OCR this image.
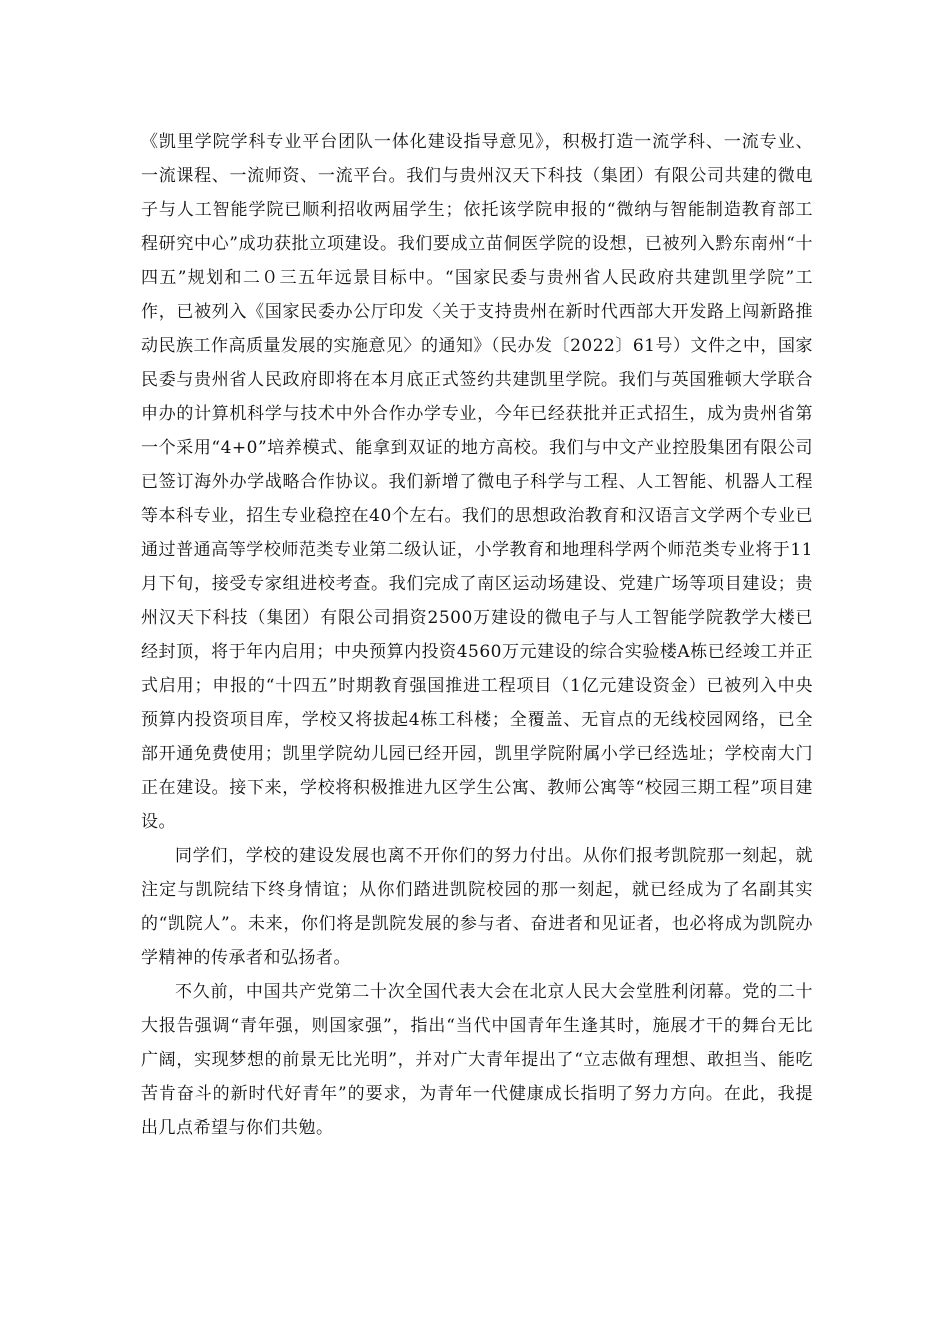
《凯里学院学科专业平台团队一体化建设指导意见》，积极打造一流学科、一流专业、一流课程、一流师资、一流平台。我们与贵州汉天下科技（集团）有限公司共建的微电子与人工智能学院已顺利招收两届学生；依托该学院申报的“微纳与智能制造教育部工程研究中心”成功获批立项建设。我们要成立苗侗医学院的设想，已被列入黔东南州“十四五”规划和二０三五年远景目标中。“国家民委与贵州省人民政府共建凯里学院”工作，已被列入《国家民委办公厅印发〈关于支持贵州在新时代西部大开发路上闯新路推动民族工作高质量发展的实施意见〉的通知》（民办发〔2022〕61号）文件之中，国家民委与贵州省人民政府即将在本月底正式签约共建凯里学院。我们与英国雅顿大学联合申办的计算机科学与技术中外合作办学专业，今年已经获批并正式招生，成为贵州省第一个采用“4+0”培养模式、能拿到双证的地方高校。我们与中文产业控股集团有限公司已签订海外办学战略合作协议。我们新增了微电子科学与工程、人工智能、机器人工程等本科专业，招生专业稳控在40个左右。我们的思想政治教育和汉语言文学两个专业已通过普通高等学校师范类专业第二级认证，小学教育和地理科学两个师范类专业将于11月下旬，接受专家组进校考查。我们完成了南区运动场建设、党建广场等项目建设；贵州汉天下科技（集团）有限公司捐资2500万建设的微电子与人工智能学院教学大楼已经封顶，将于年内启用；中央预算内投资4560万元建设的综合实验楼A栋已经竣工并正式启用；申报的“十四五”时期教育强国推进工程项目（1亿元建设资金）已被列入中央预算内投资项目库，学校又将拔起4栋工科楼；全覆盖、无盲点的无线校园网络，已全部开通免费使用；凯里学院幼儿园已经开园，凯里学院附属小学已经选址；学校南大门正在建设。接下来，学校将积极推进九区学生公寓、教师公寓等“校园三期工程”项目建设。

同学们，学校的建设发展也离不开你们的努力付出。从你们报考凯院那一刻起，就注定与凯院结下终身情谊；从你们踏进凯院校园的那一刻起，就已经成为了名副其实的“凯院人”。未来，你们将是凯院发展的参与者、奋进者和见证者，也必将成为凯院办学精神的传承者和弘扬者。

不久前，中国共产党第二十次全国代表大会在北京人民大会堂胜利闭幕。党的二十大报告强调“青年强，则国家强”，指出“当代中国青年生逢其时，施展才干的舞台无比广阔，实现梦想的前景无比光明”，并对广大青年提出了“立志做有理想、敢担当、能吃苦肯奋斗的新时代好青年”的要求，为青年一代健康成长指明了努力方向。在此，我提出几点希望与你们共勉。
